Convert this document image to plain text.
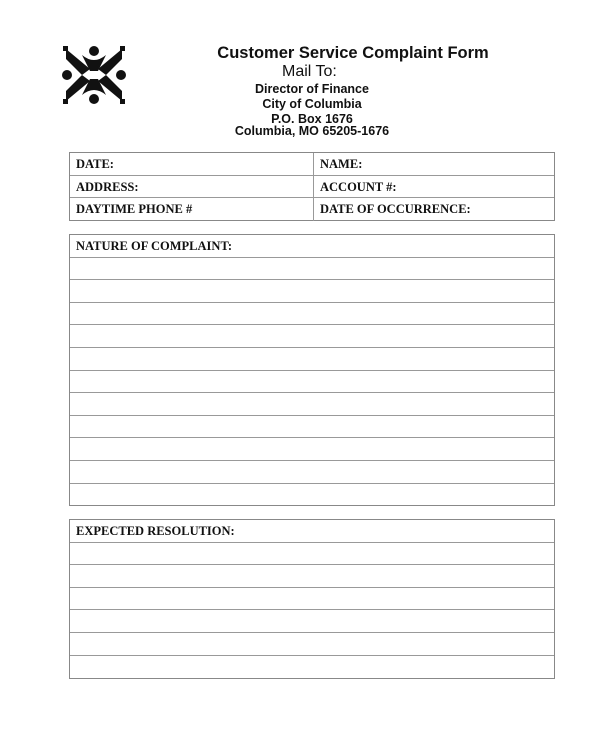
Customer Service Complaint Form
Mail To:
Director of Finance
City of Columbia
P.O. Box 1676
Columbia, MO 65205-1676
DATE:	NAME:
ADDRESS:	ACCOUNT #:
DAYTIME PHONE #	DATE OF OCCURRENCE:
NATURE OF COMPLAINT:
EXPECTED RESOLUTION:
